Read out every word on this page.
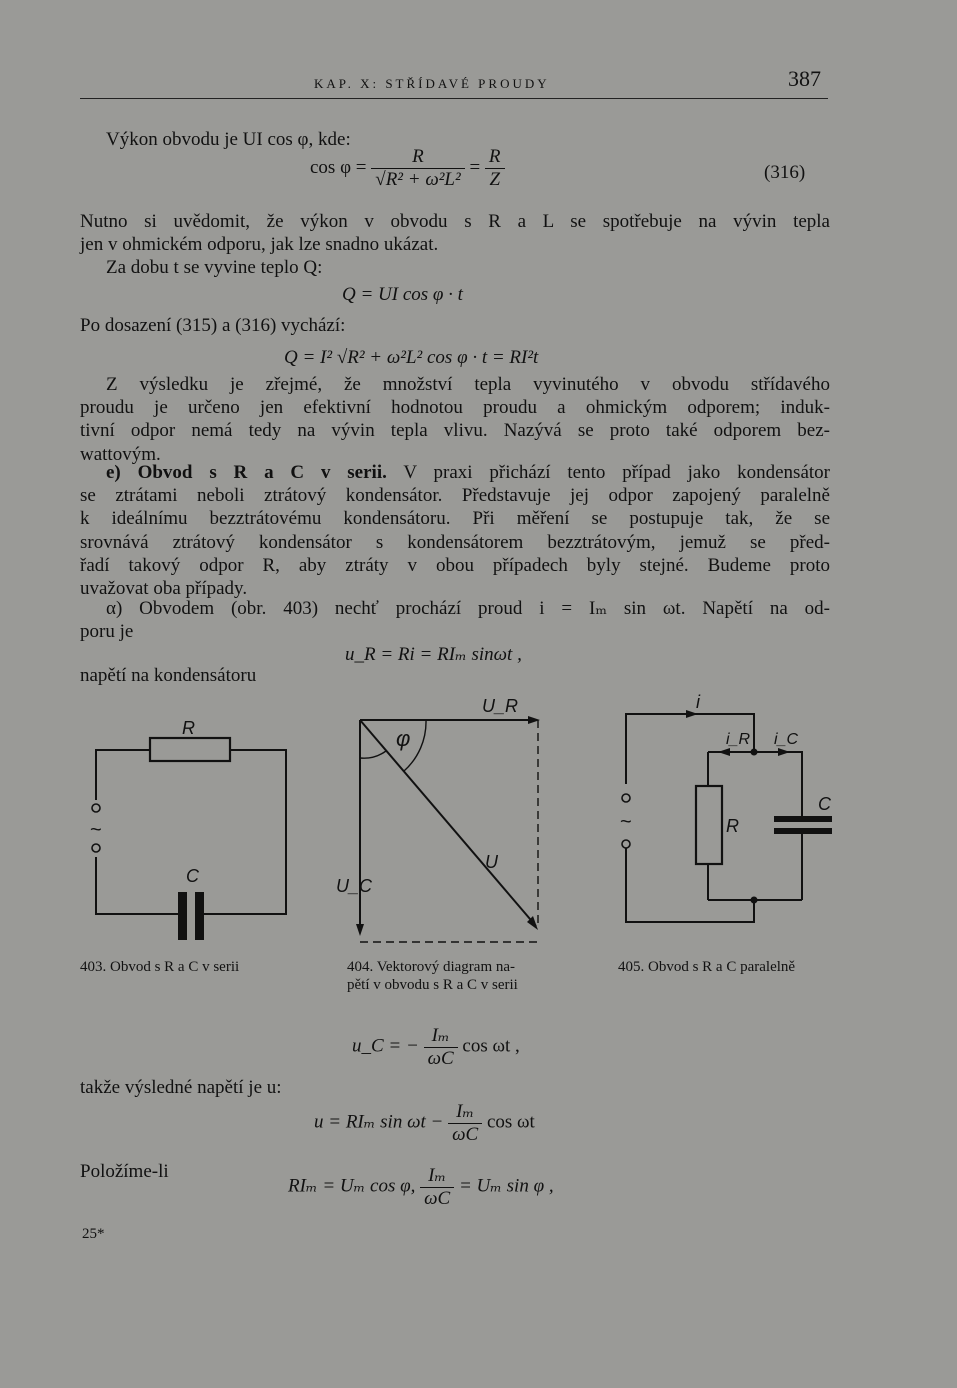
KAP. X: STŘÍDAVÉ PROUDY	387
Výkon obvodu je UI cos φ, kde:
$\cos \varphi = \frac{R}{\text{√R² + ω²L²}} = \frac{R}{Z}$	(316)
Nutno si uvědomit, že výkon v obvodu s R a L se spotřebuje na vývin tepla
jen v ohmickém odporu, jak lze snadno ukázat.
Za dobu t se vyvine teplo Q:
Q = UI cos φ · t
Po dosazení (315) a (316) vychází:
Q = I² √R² + ω²L² cos φ · t = RI²t
Z výsledku je zřejmé, že množství tepla vyvinutého v obvodu střídavého
proudu je určeno jen efektivní hodnotou proudu a ohmickým odporem; induk-
tivní odpor nemá tedy na vývin tepla vlivu. Nazývá se proto také odporem bez-
wattovým.
e) Obvod s R a C v serii. V praxi přichází tento případ jako kondensátor
se ztrátami neboli ztrátový kondensátor. Představuje jej odpor zapojený paralelně
k ideálnímu bezztrátovému kondensátoru. Při měření se postupuje tak, že se
srovnává ztrátový kondensátor s kondensátorem bezztrátovým, jemuž se před-
řadí takový odpor R, aby ztráty v obou případech byly stejné. Budeme proto
uvažovat oba případy.
α) Obvodem (obr. 403) nechť prochází proud i = Iₘ sin ωt. Napětí na od-
poru je
u_R = Ri = RIₘ sinωt ,
napětí na kondensátoru
R
C
~
403. Obvod s R a C v serii
U_R
φ
U
U_C
404. Vektorový diagram na-
pětí v obvodu s R a C v serii
i
i_R i_C
R
C
~
405. Obvod s R a C paralelně
u_C = − $\frac{\text{Iₘ}}{\omega C}$ cos ωt ,
takže výsledné napětí je u:
u = RIₘ $\sin \omega t - \frac{\text{Iₘ}}{\omega C}$ cos ωt
Položíme-li
RIₘ = Uₘ cos φ, $\frac{\text{Iₘ}}{\omega C} = U_m$ sin φ ,
25*
